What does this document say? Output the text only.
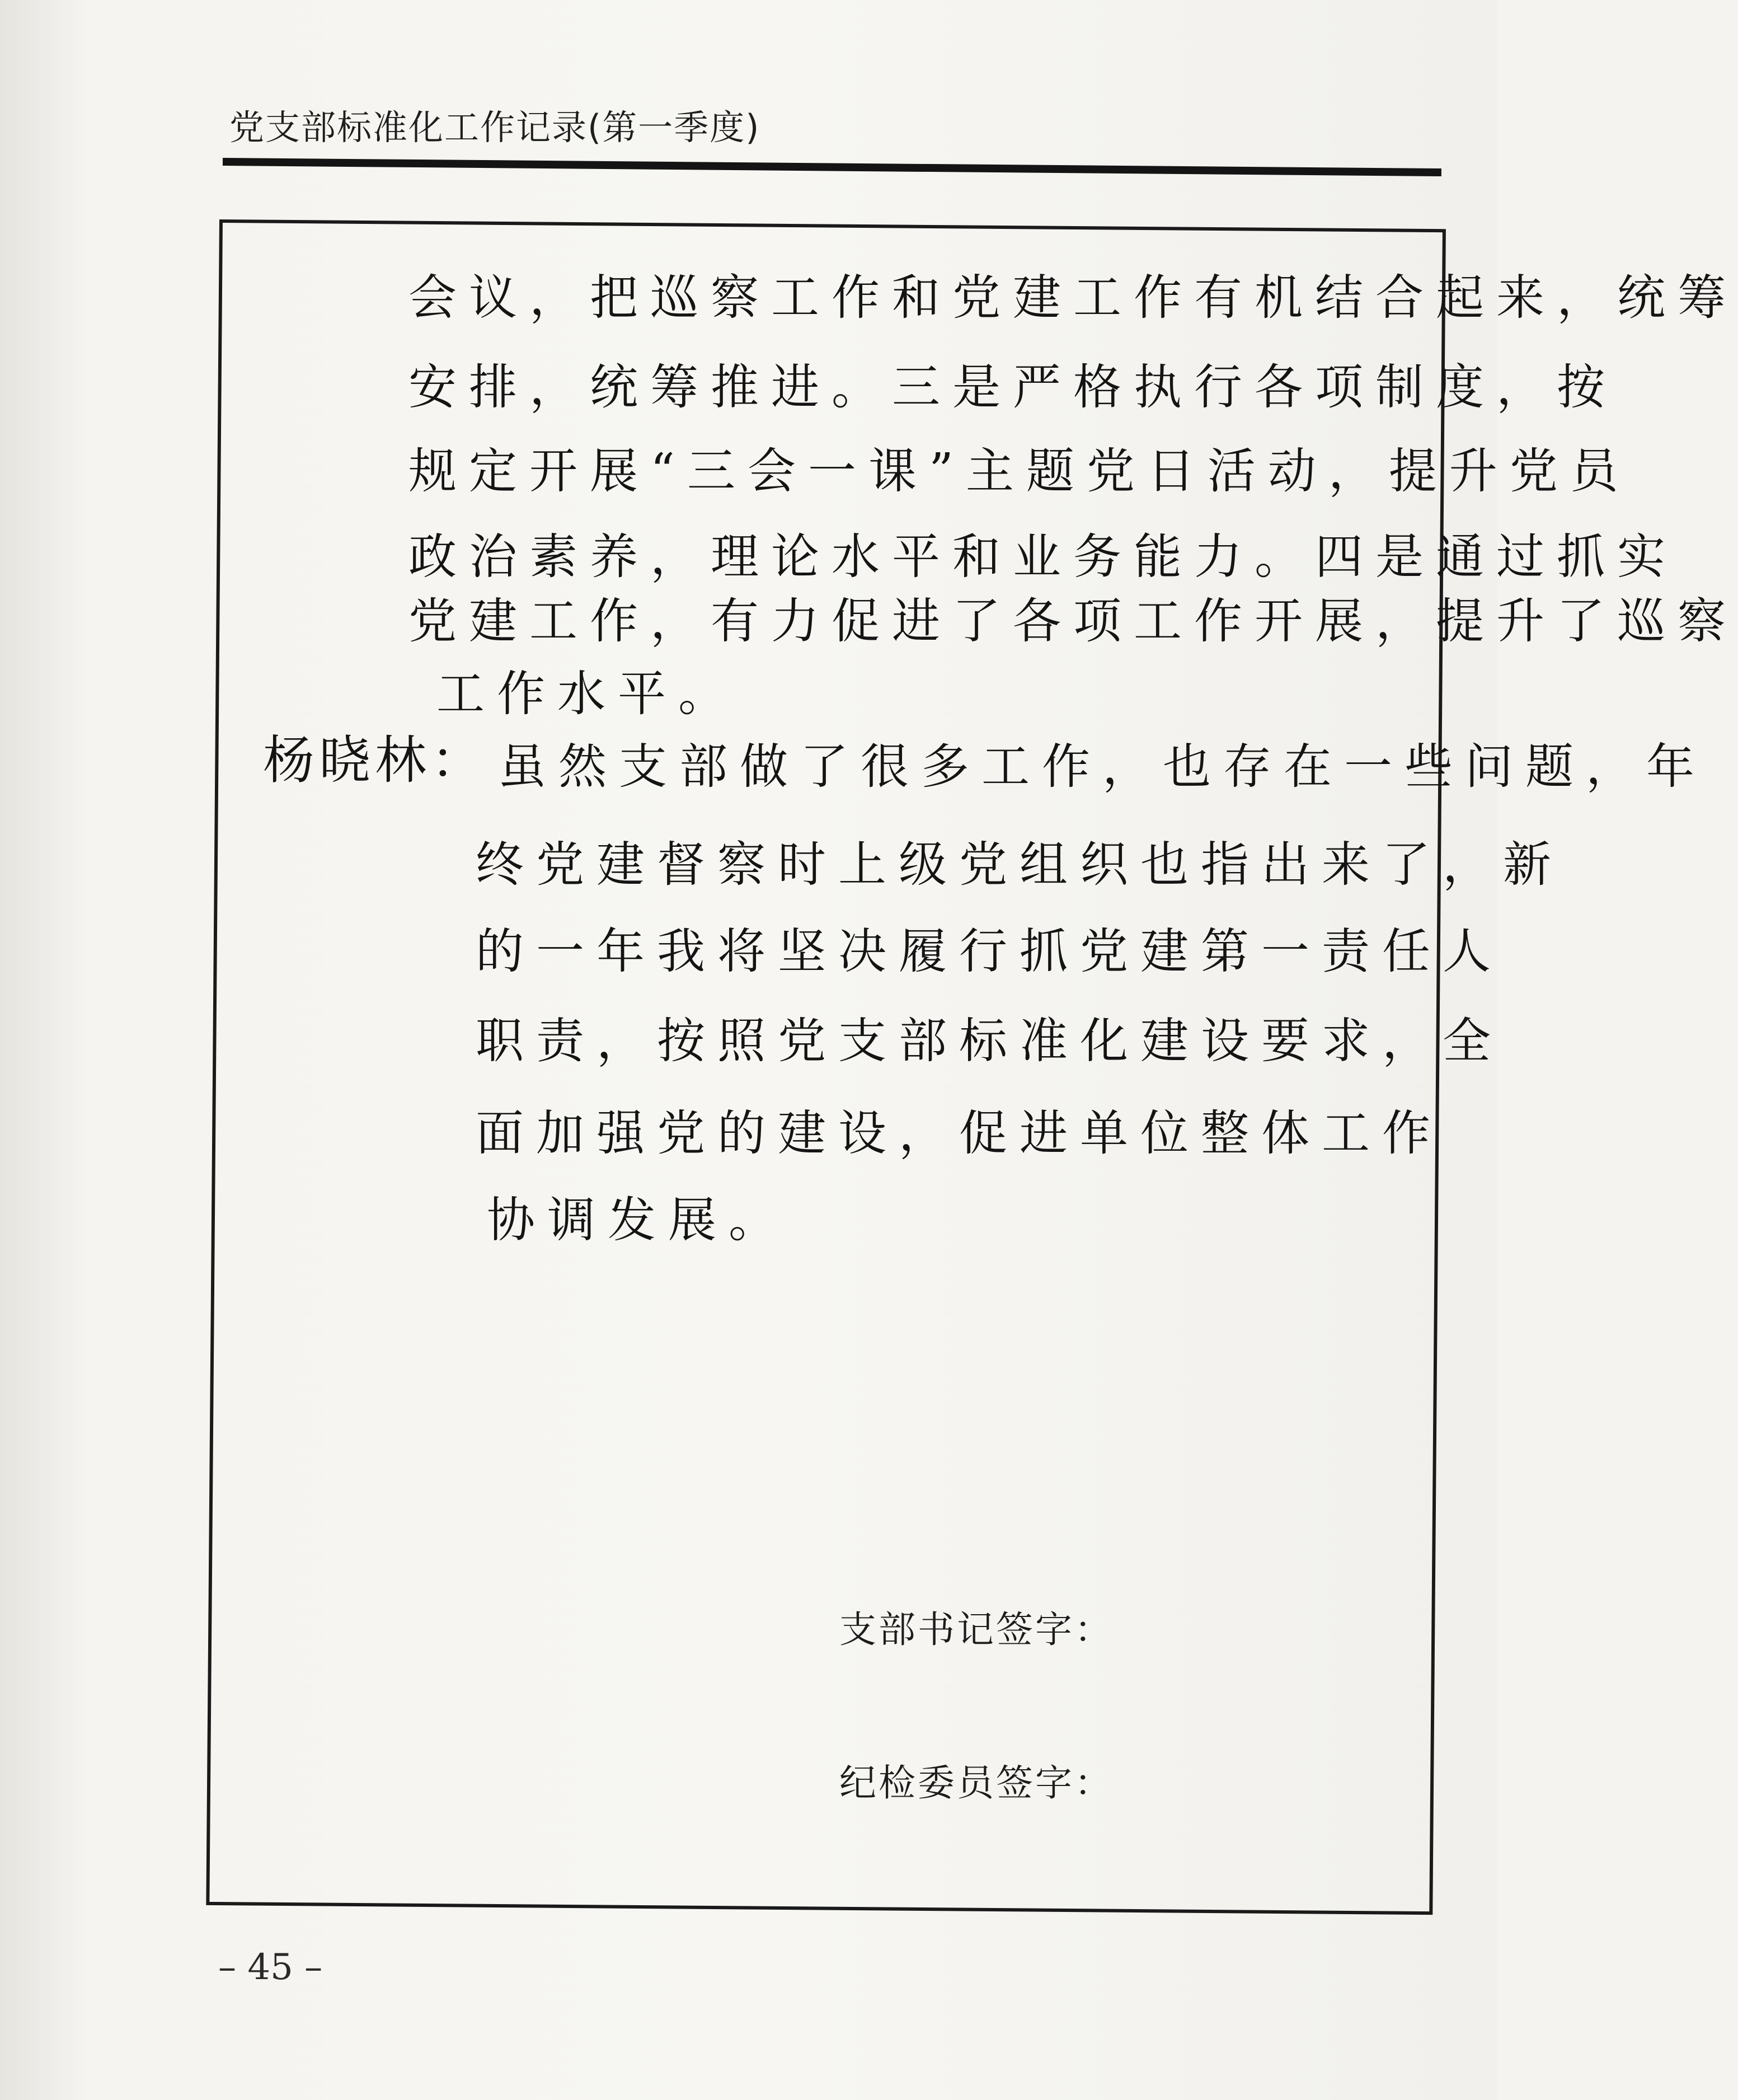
党支部标准化工作记录(第一季度)
会议，把巡察工作和党建工作有机结合起来，统筹
安排，统筹推进。三是严格执行各项制度，按
规定开展“三会一课”主题党日活动，提升党员
政治素养，理论水平和业务能力。四是通过抓实
党建工作，有力促进了各项工作开展，提升了巡察
工作水平。
杨晓林： 虽然支部做了很多工作，也存在一些问题，年
终党建督察时上级党组织也指出来了，新
的一年我将坚决履行抓党建第一责任人
职责，按照党支部标准化建设要求，全
面加强党的建设，促进单位整体工作
协调发展。
支部书记签字：
纪检委员签字：
– 45 –
